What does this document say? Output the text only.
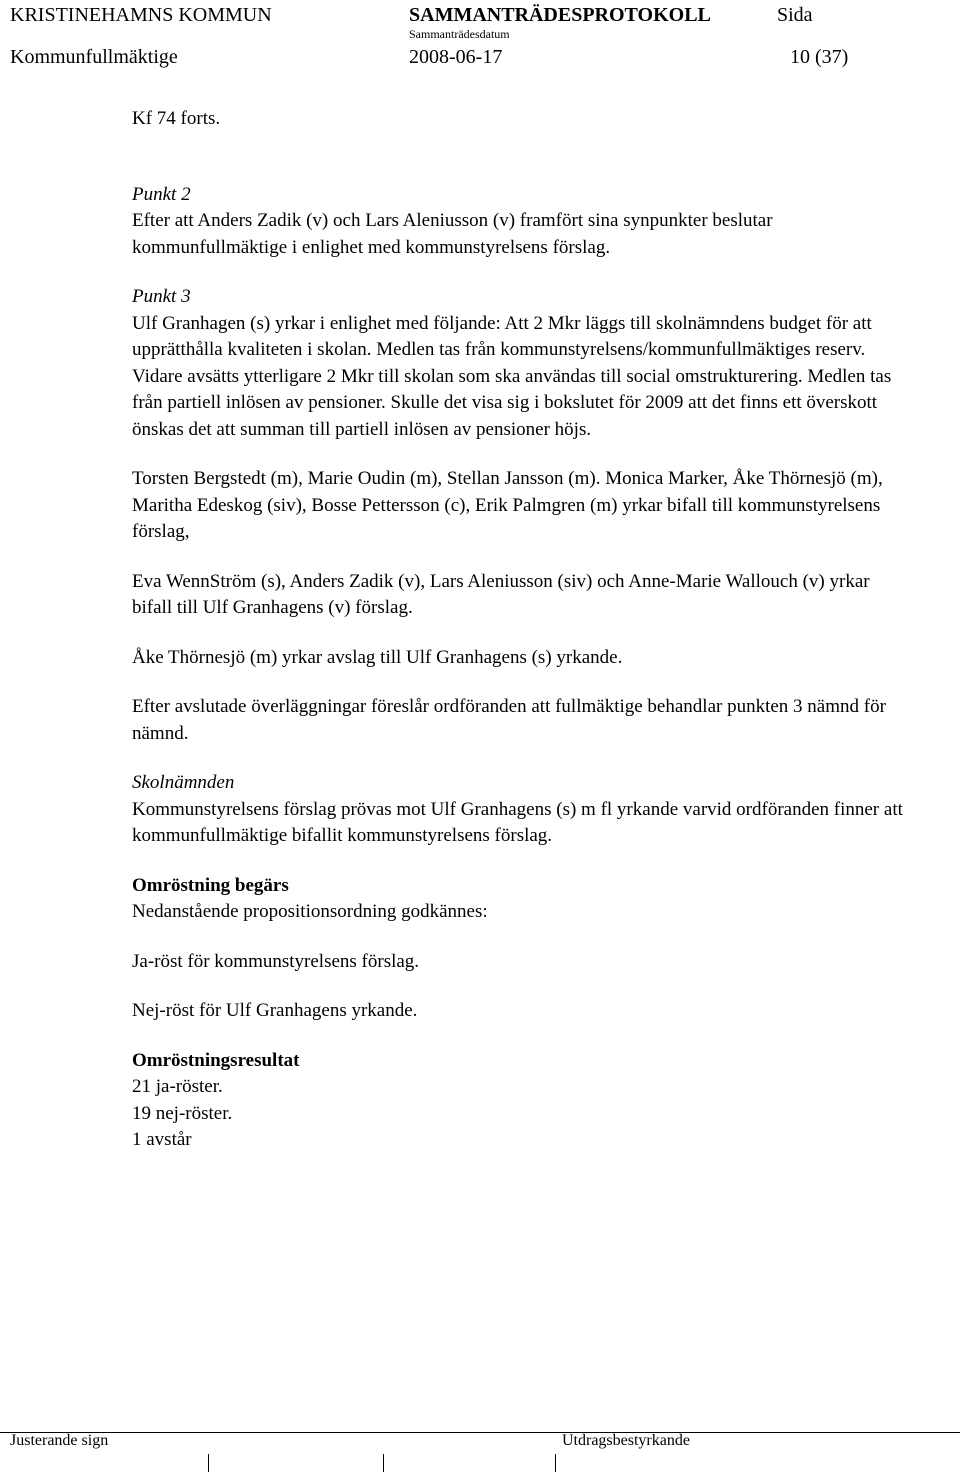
KRISTINEHAMNS KOMMUN	SAMMANTRÄDESPROTOKOLL	Sida
Sammanträdesdatum
Kommunfullmäktige	2008-06-17	10 (37)

Kf 74 forts.

Punkt 2

Efter att Anders Zadik (v) och Lars Aleniusson (v) framfört sina synpunkter beslutar kommunfullmäktige i enlighet med kommunstyrelsens förslag.

Punkt 3

Ulf Granhagen (s) yrkar i enlighet med följande: Att 2 Mkr läggs till skolnämndens budget för att upprätthålla kvaliteten i skolan. Medlen tas från kommunstyrelsens/kommunfullmäktiges reserv. Vidare avsätts ytterligare 2 Mkr till skolan som ska användas till social omstrukturering. Medlen tas från partiell inlösen av pensioner. Skulle det visa sig i bokslutet för 2009 att det finns ett överskott önskas det att summan till partiell inlösen av pensioner höjs.

Torsten Bergstedt (m), Marie Oudin (m), Stellan Jansson (m). Monica Marker, Åke Thörnesjö (m), Maritha Edeskog (siv), Bosse Pettersson (c), Erik Palmgren (m) yrkar bifall till kommunstyrelsens förslag,

Eva WennStröm (s), Anders Zadik (v), Lars Aleniusson (siv) och Anne-Marie Wallouch (v) yrkar bifall till Ulf Granhagens (v) förslag.

Åke Thörnesjö (m) yrkar avslag till Ulf Granhagens (s) yrkande.

Efter avslutade överläggningar föreslår ordföranden att fullmäktige behandlar punkten 3 nämnd för nämnd.

Skolnämnden

Kommunstyrelsens förslag prövas mot Ulf Granhagens (s) m fl yrkande varvid ordföranden finner att kommunfullmäktige bifallit kommunstyrelsens förslag.

Omröstning begärs

Nedanstående propositionsordning godkännes:

Ja-röst för kommunstyrelsens förslag.

Nej-röst för Ulf Granhagens yrkande.

Omröstningsresultat

21 ja-röster.

19 nej-röster.

1 avstår

Justerande sign	Utdragsbestyrkande
